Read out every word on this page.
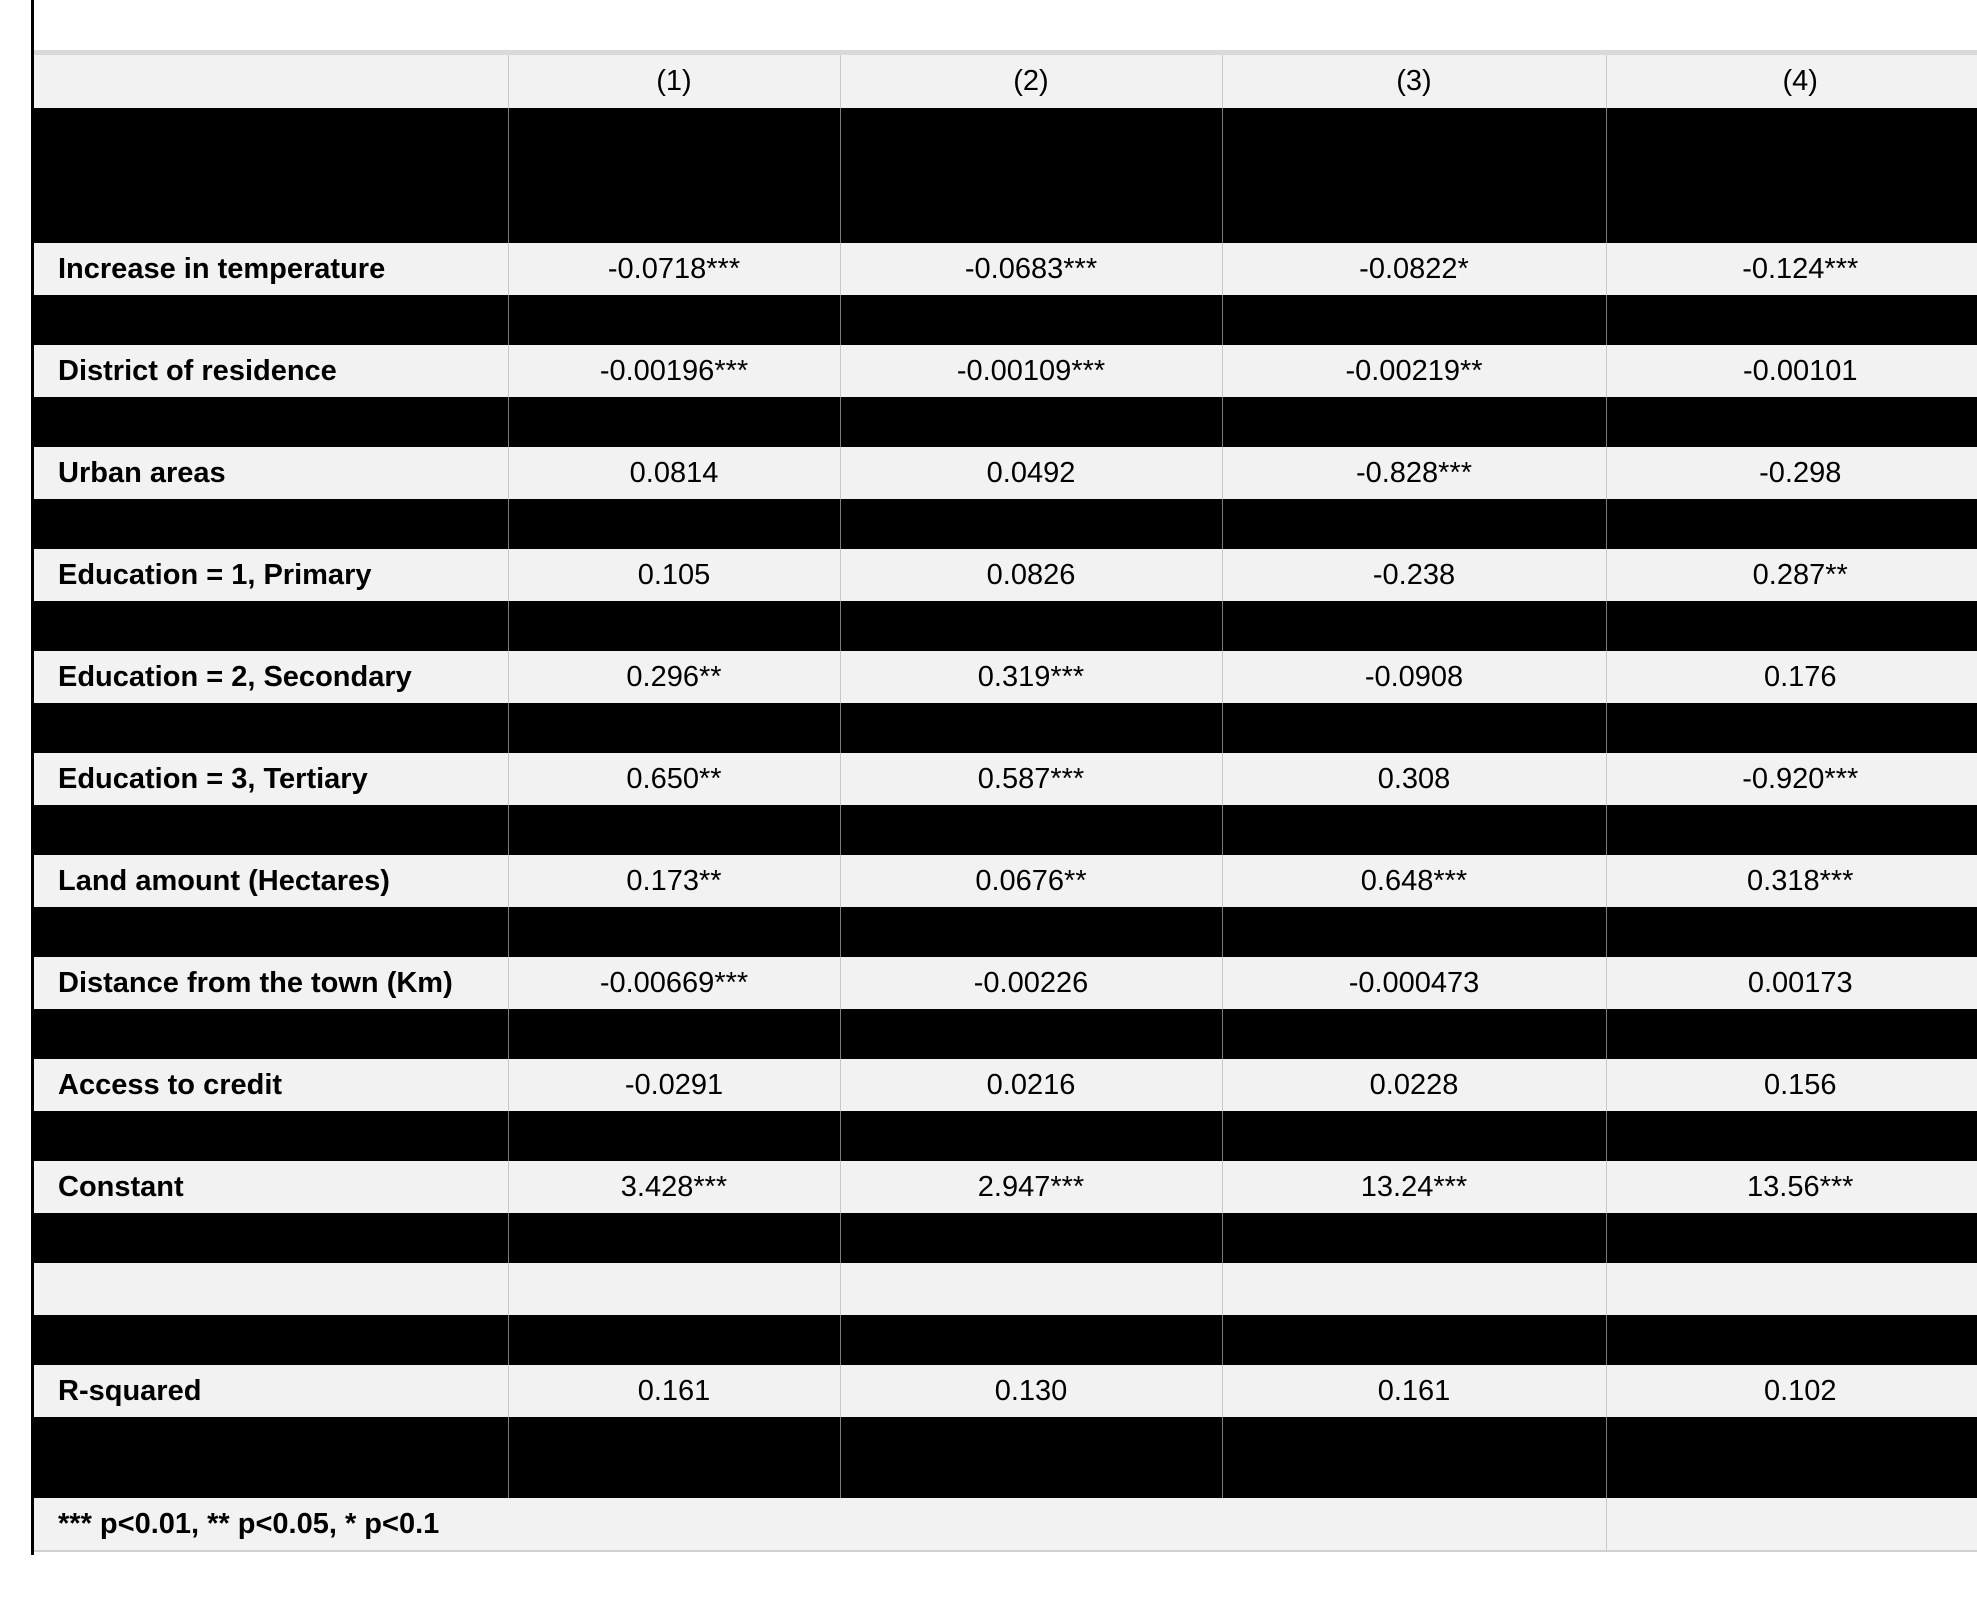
	(1)	(2)	(3)	(4)

Increase in temperature	-0.0718***	-0.0683***	-0.0822*	-0.124***

District of residence	-0.00196***	-0.00109***	-0.00219**	-0.00101

Urban areas	0.0814	0.0492	-0.828***	-0.298

Education = 1, Primary	0.105	0.0826	-0.238	0.287**

Education = 2, Secondary	0.296**	0.319***	-0.0908	0.176

Education = 3, Tertiary	0.650**	0.587***	0.308	-0.920***

Land amount (Hectares)	0.173**	0.0676**	0.648***	0.318***

Distance from the town (Km)	-0.00669***	-0.00226	-0.000473	0.00173

Access to credit	-0.0291	0.0216	0.0228	0.156

Constant	3.428***	2.947***	13.24***	13.56***

R-squared	0.161	0.130	0.161	0.102

*** p<0.01, ** p<0.05, * p<0.1				
